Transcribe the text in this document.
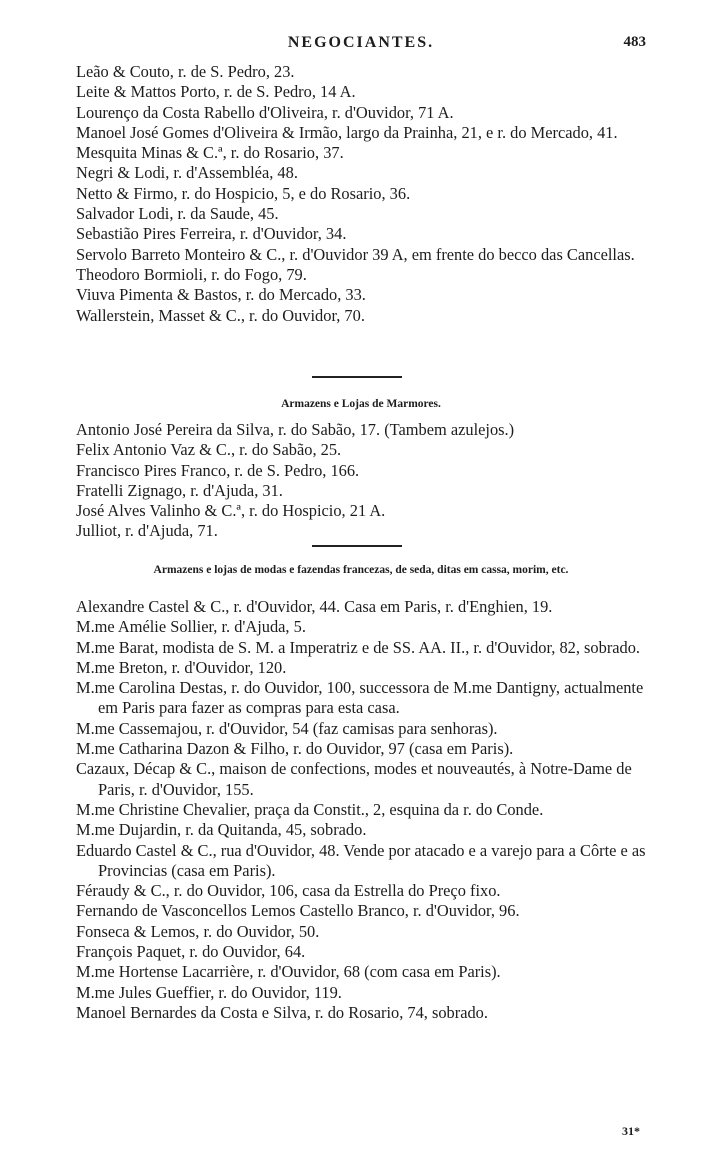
NEGOCIANTES.	483
Leão & Couto, r. de S. Pedro, 23.
Leite & Mattos Porto, r. de S. Pedro, 14 A.
Lourenço da Costa Rabello d'Oliveira, r. d'Ouvidor, 71 A.
Manoel José Gomes d'Oliveira & Irmão, largo da Prainha, 21, e r. do Mercado, 41.
Mesquita Minas & C.ª, r. do Rosario, 37.
Negri & Lodi, r. d'Assembléa, 48.
Netto & Firmo, r. do Hospicio, 5, e do Rosario, 36.
Salvador Lodi, r. da Saude, 45.
Sebastião Pires Ferreira, r. d'Ouvidor, 34.
Servolo Barreto Monteiro & C., r. d'Ouvidor 39 A, em frente do becco das Cancellas.
Theodoro Bormioli, r. do Fogo, 79.
Viuva Pimenta & Bastos, r. do Mercado, 33.
Wallerstein, Masset & C., r. do Ouvidor, 70.
Armazens e Lojas de Marmores.
Antonio José Pereira da Silva, r. do Sabão, 17. (Tambem azulejos.)
Felix Antonio Vaz & C., r. do Sabão, 25.
Francisco Pires Franco, r. de S. Pedro, 166.
Fratelli Zignago, r. d'Ajuda, 31.
José Alves Valinho & C.ª, r. do Hospicio, 21 A.
Julliot, r. d'Ajuda, 71.
Armazens e lojas de modas e fazendas francezas, de seda, ditas em cassa, morim, etc.
Alexandre Castel & C., r. d'Ouvidor, 44. Casa em Paris, r. d'Enghien, 19.
M.me Amélie Sollier, r. d'Ajuda, 5.
M.me Barat, modista de S. M. a Imperatriz e de SS. AA. II., r. d'Ouvidor, 82, sobrado.
M.me Breton, r. d'Ouvidor, 120.
M.me Carolina Destas, r. do Ouvidor, 100, successora de M.me Dantigny, actualmente em Paris para fazer as compras para esta casa.
M.me Cassemajou, r. d'Ouvidor, 54 (faz camisas para senhoras).
M.me Catharina Dazon & Filho, r. do Ouvidor, 97 (casa em Paris).
Cazaux, Décap & C., maison de confections, modes et nouveautés, à Notre-Dame de Paris, r. d'Ouvidor, 155.
M.me Christine Chevalier, praça da Constit., 2, esquina da r. do Conde.
M.me Dujardin, r. da Quitanda, 45, sobrado.
Eduardo Castel & C., rua d'Ouvidor, 48. Vende por atacado e a varejo para a Côrte e as Provincias (casa em Paris).
Féraudy & C., r. do Ouvidor, 106, casa da Estrella do Preço fixo.
Fernando de Vasconcellos Lemos Castello Branco, r. d'Ouvidor, 96.
Fonseca & Lemos, r. do Ouvidor, 50.
François Paquet, r. do Ouvidor, 64.
M.me Hortense Lacarrière, r. d'Ouvidor, 68 (com casa em Paris).
M.me Jules Gueffier, r. do Ouvidor, 119.
Manoel Bernardes da Costa e Silva, r. do Rosario, 74, sobrado.
31*
